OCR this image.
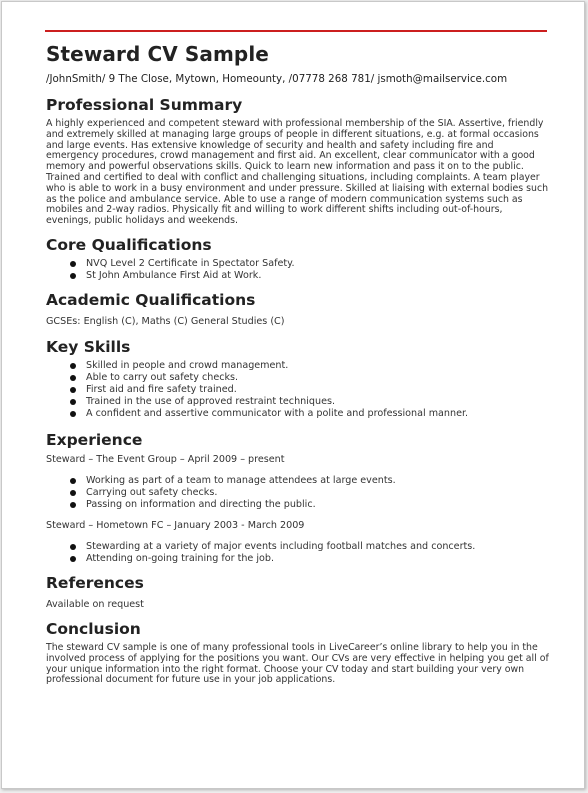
Steward CV Sample
/JohnSmith/ 9 The Close, Mytown, Homeounty, /07778 268 781/ jsmoth@mailservice.com
Professional Summary

A highly experienced and competent steward with professional membership of the SIA. Assertive, friendly and extremely skilled at managing large groups of people in different situations, e.g. at formal occasions and large events. Has extensive knowledge of security and health and safety including fire and emergency procedures, crowd management and first aid. An excellent, clear communicator with a good memory and powerful observations skills. Quick to learn new information and pass it on to the public. Trained and certified to deal with conflict and challenging situations, including complaints. A team player who is able to work in a busy environment and under pressure. Skilled at liaising with external bodies such as the police and ambulance service. Able to use a range of modern communication systems such as mobiles and 2-way radios. Physically fit and willing to work different shifts including out-of-hours, evenings, public holidays and weekends.

Core Qualifications
NVQ Level 2 Certificate in Spectator Safety.
St John Ambulance First Aid at Work.
Academic Qualifications

GCSEs: English (C), Maths (C) General Studies (C)

Key Skills
Skilled in people and crowd management.
Able to carry out safety checks.
First aid and fire safety trained.
Trained in the use of approved restraint techniques.
A confident and assertive communicator with a polite and professional manner.
Experience

Steward – The Event Group – April 2009 – present

Working as part of a team to manage attendees at large events.
Carrying out safety checks.
Passing on information and directing the public.

Steward – Hometown FC – January 2003 - March 2009

Stewarding at a variety of major events including football matches and concerts.
Attending on-going training for the job.
References

Available on request

Conclusion

The steward CV sample is one of many professional tools in LiveCareer’s online library to help you in the involved process of applying for the positions you want. Our CVs are very effective in helping you get all of your unique information into the right format. Choose your CV today and start building your very own professional document for future use in your job applications.
